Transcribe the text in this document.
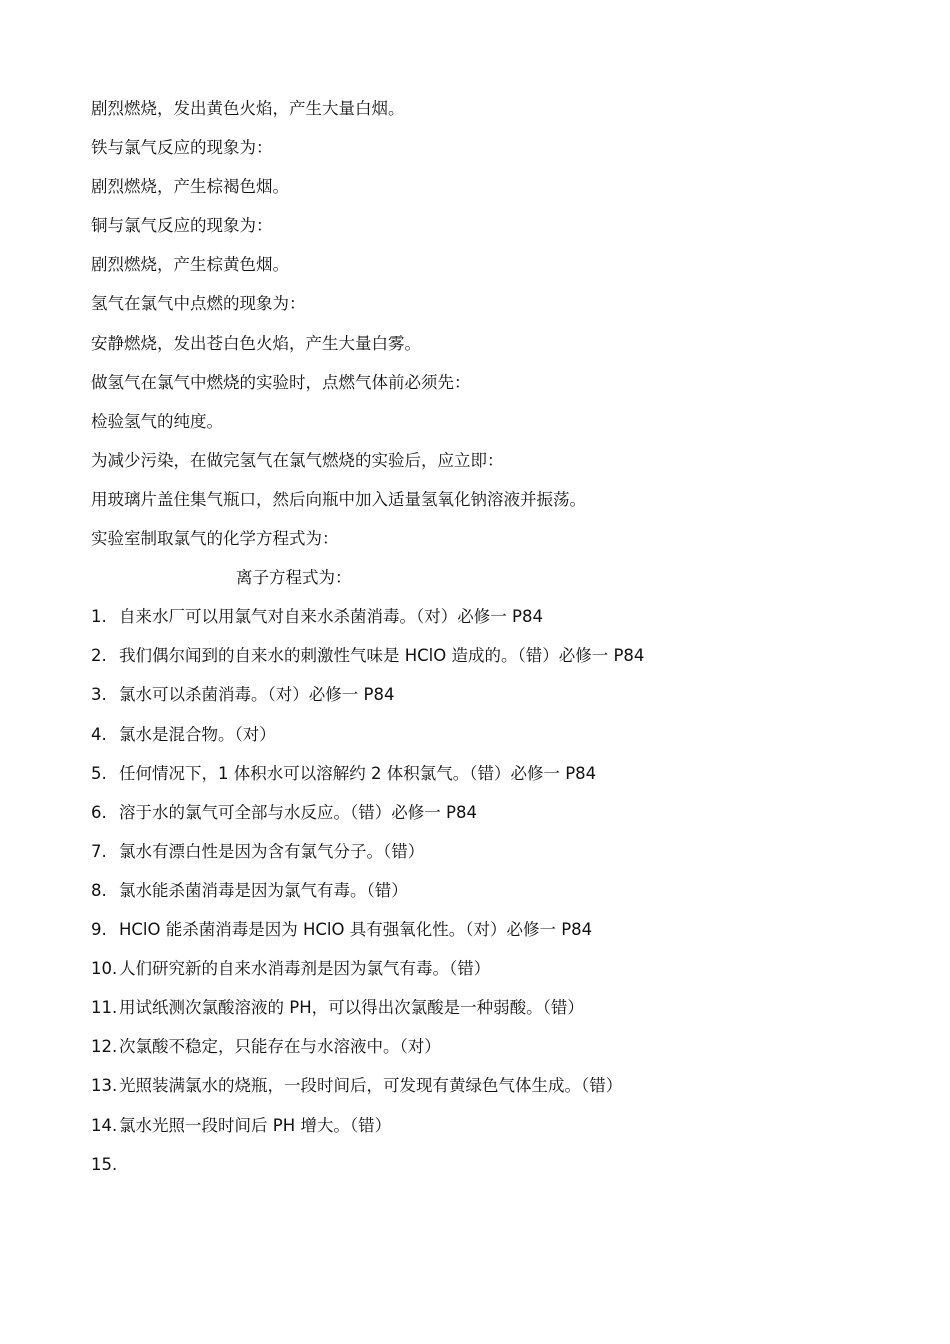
剧烈燃烧，发出黄色火焰，产生大量白烟。
铁与氯气反应的现象为：
剧烈燃烧，产生棕褐色烟。
铜与氯气反应的现象为：
剧烈燃烧，产生棕黄色烟。
氢气在氯气中点燃的现象为：
安静燃烧，发出苍白色火焰，产生大量白雾。
做氢气在氯气中燃烧的实验时，点燃气体前必须先：
检验氢气的纯度。
为减少污染，在做完氢气在氯气燃烧的实验后，应立即：
用玻璃片盖住集气瓶口，然后向瓶中加入适量氢氧化钠溶液并振荡。
实验室制取氯气的化学方程式为：
离子方程式为：
1. 自来水厂可以用氯气对自来水杀菌消毒。（对）必修一 P84
2. 我们偶尔闻到的自来水的刺激性气味是 HClO 造成的。（错）必修一 P84
3. 氯水可以杀菌消毒。（对）必修一 P84
4. 氯水是混合物。（对）
5. 任何情况下，1 体积水可以溶解约 2 体积氯气。（错）必修一 P84
6. 溶于水的氯气可全部与水反应。（错）必修一 P84
7. 氯水有漂白性是因为含有氯气分子。（错）
8. 氯水能杀菌消毒是因为氯气有毒。（错）
9. HClO 能杀菌消毒是因为 HClO 具有强氧化性。（对）必修一 P84
10. 人们研究新的自来水消毒剂是因为氯气有毒。（错）
11. 用试纸测次氯酸溶液的 PH，可以得出次氯酸是一种弱酸。（错）
12. 次氯酸不稳定，只能存在与水溶液中。（对）
13. 光照装满氯水的烧瓶，一段时间后，可发现有黄绿色气体生成。（错）
14. 氯水光照一段时间后 PH 增大。（错）
15.
